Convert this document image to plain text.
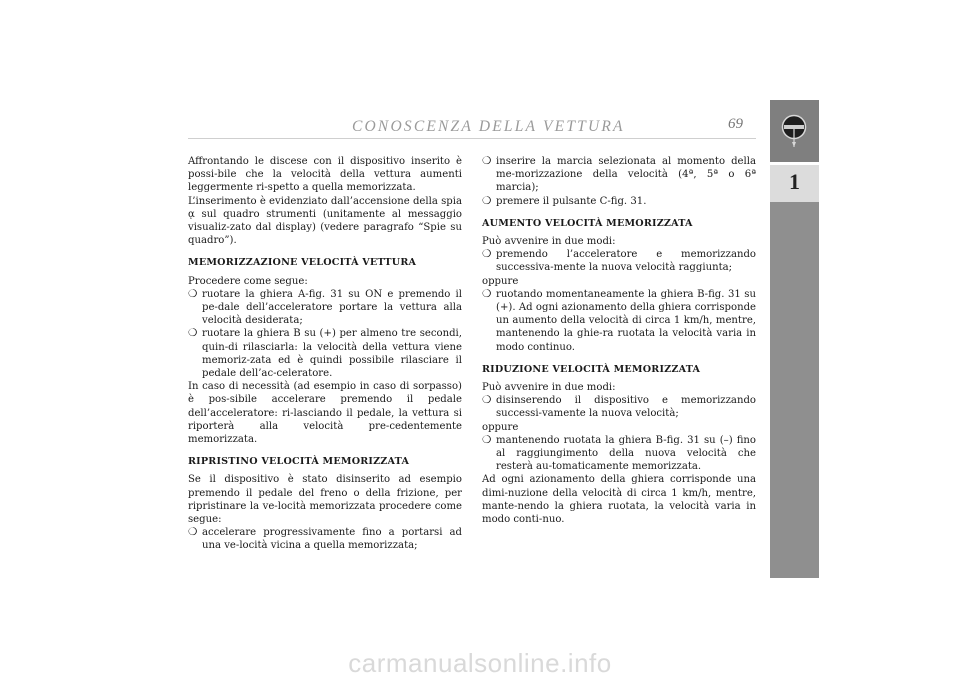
CONOSCENZA DELLA VETTURA	69
1

Affrontando le discese con il dispositivo inserito è possi-bile che la velocità della vettura aumenti leggermente ri-spetto a quella memorizzata.

L’inserimento è evidenziato dall’accensione della spia ᾳ sul quadro strumenti (unitamente al messaggio visualiz-zato dal display) (vedere paragrafo “Spie su quadro”).

MEMORIZZAZIONE VELOCITÀ VETTURA

Procedere come segue:

❍ ruotare la ghiera A-fig. 31 su ON e premendo il pe-dale dell’acceleratore portare la vettura alla velocità desiderata;
❍ ruotare la ghiera B su (+) per almeno tre secondi, quin-di rilasciarla: la velocità della vettura viene memoriz-zata ed è quindi possibile rilasciare il pedale dell’ac-celeratore.

In caso di necessità (ad esempio in caso di sorpasso) è pos-sibile accelerare premendo il pedale dell’acceleratore: ri-lasciando il pedale, la vettura si riporterà alla velocità pre-cedentemente memorizzata.

RIPRISTINO VELOCITÀ MEMORIZZATA

Se il dispositivo è stato disinserito ad esempio premendo il pedale del freno o della frizione, per ripristinare la ve-locità memorizzata procedere come segue:

❍ accelerare progressivamente fino a portarsi ad una ve-locità vicina a quella memorizzata;
❍ inserire la marcia selezionata al momento della me-morizzazione della velocità (4ª, 5ª o 6ª marcia);
❍ premere il pulsante C-fig. 31.
AUMENTO VELOCITÀ MEMORIZZATA

Può avvenire in due modi:

❍ premendo l’acceleratore e memorizzando successiva-mente la nuova velocità raggiunta;

oppure

❍ ruotando momentaneamente la ghiera B-fig. 31 su (+). Ad ogni azionamento della ghiera corrisponde un aumento della velocità di circa 1 km/h, mentre, mantenendo la ghie-ra ruotata la velocità varia in modo continuo.
RIDUZIONE VELOCITÀ MEMORIZZATA

Può avvenire in due modi:

❍ disinserendo il dispositivo e memorizzando successi-vamente la nuova velocità;

oppure

❍ mantenendo ruotata la ghiera B-fig. 31 su (–) fino al raggiungimento della nuova velocità che resterà au-tomaticamente memorizzata.

Ad ogni azionamento della ghiera corrisponde una dimi-nuzione della velocità di circa 1 km/h, mentre, mante-nendo la ghiera ruotata, la velocità varia in modo conti-nuo.

carmanualsonline.info
